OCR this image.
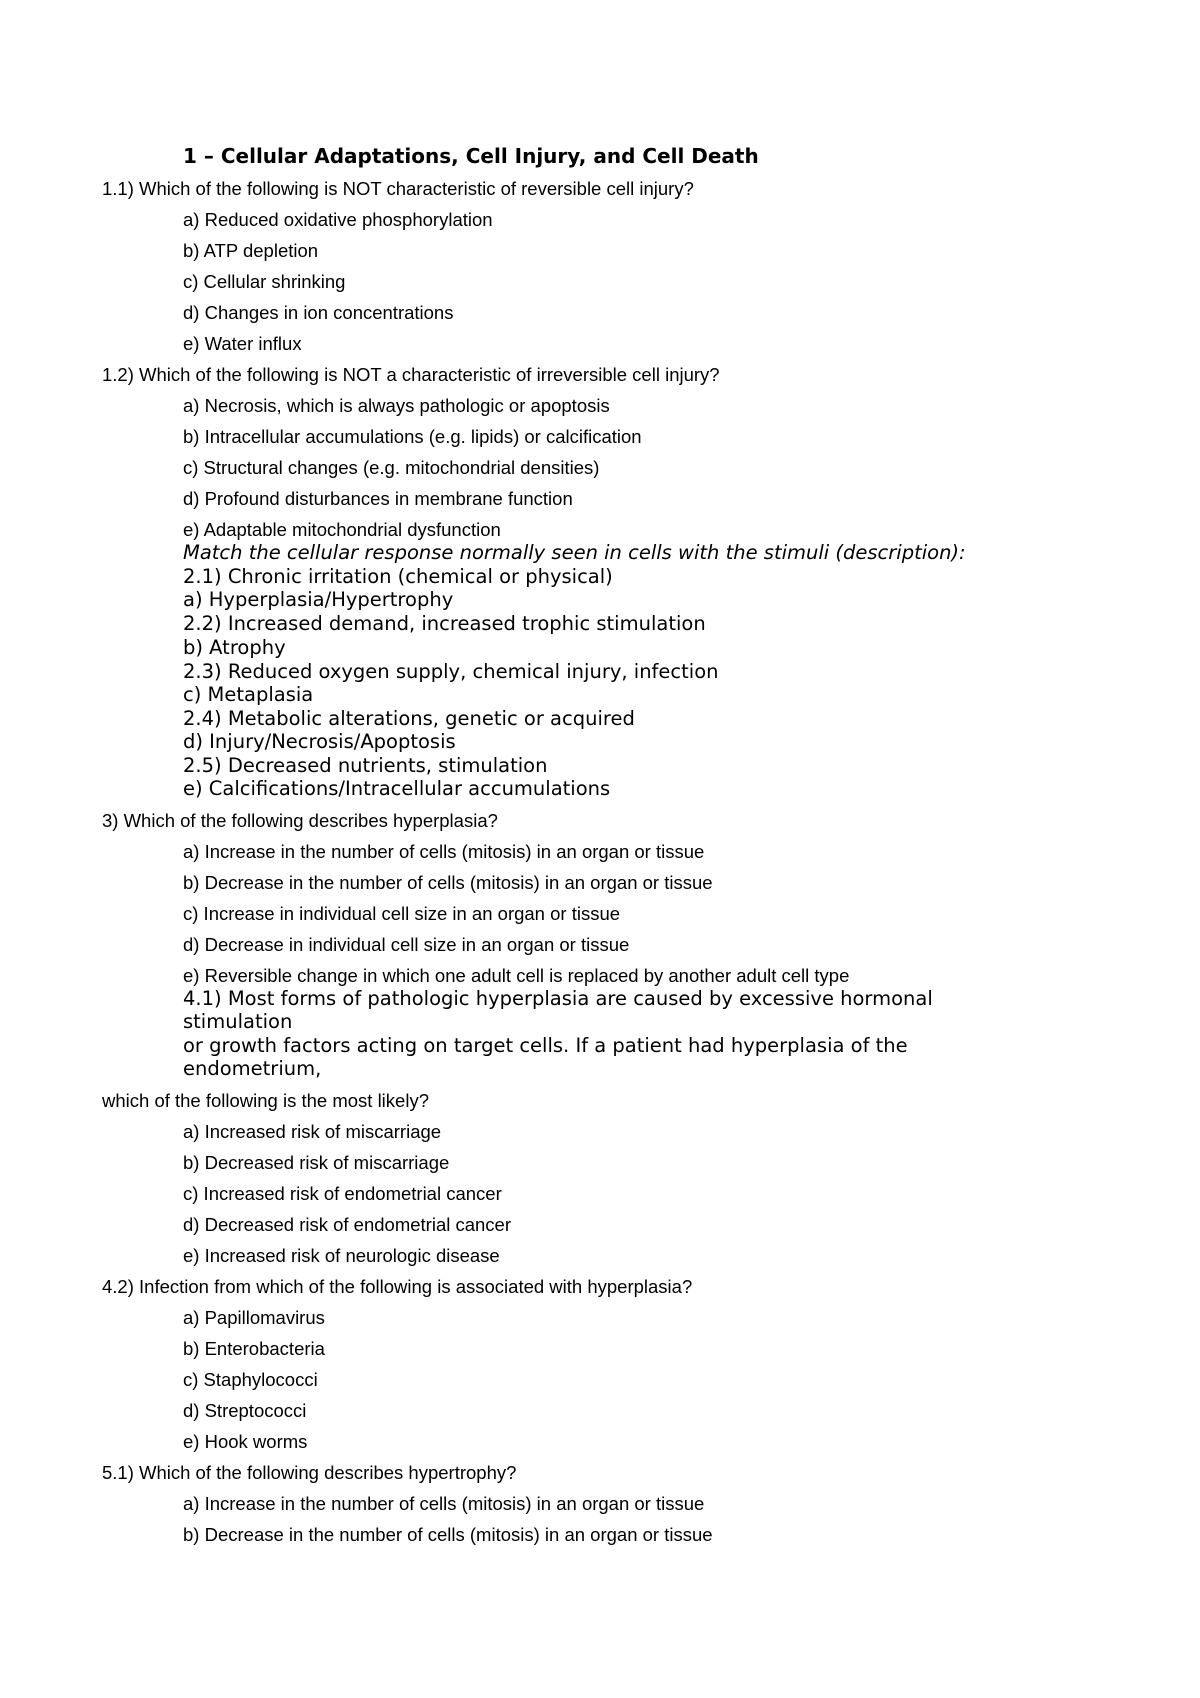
1 – Cellular Adaptations, Cell Injury, and Cell Death
1.1) Which of the following is NOT characteristic of reversible cell injury?
a) Reduced oxidative phosphorylation
b) ATP depletion
c) Cellular shrinking
d) Changes in ion concentrations
e) Water influx
1.2) Which of the following is NOT a characteristic of irreversible cell injury?
a) Necrosis, which is always pathologic or apoptosis
b) Intracellular accumulations (e.g. lipids) or calcification
c) Structural changes (e.g. mitochondrial densities)
d) Profound disturbances in membrane function
e) Adaptable mitochondrial dysfunction
Match the cellular response normally seen in cells with the stimuli (description):
2.1) Chronic irritation (chemical or physical)
a) Hyperplasia/Hypertrophy
2.2) Increased demand, increased trophic stimulation
b) Atrophy
2.3) Reduced oxygen supply, chemical injury, infection
c) Metaplasia
2.4) Metabolic alterations, genetic or acquired
d) Injury/Necrosis/Apoptosis
2.5) Decreased nutrients, stimulation
e) Calcifications/Intracellular accumulations
3) Which of the following describes hyperplasia?
a) Increase in the number of cells (mitosis) in an organ or tissue
b) Decrease in the number of cells (mitosis) in an organ or tissue
c) Increase in individual cell size in an organ or tissue
d) Decrease in individual cell size in an organ or tissue
e) Reversible change in which one adult cell is replaced by another adult cell type
4.1) Most forms of pathologic hyperplasia are caused by excessive hormonal
stimulation
or growth factors acting on target cells. If a patient had hyperplasia of the
endometrium,
which of the following is the most likely?
a) Increased risk of miscarriage
b) Decreased risk of miscarriage
c) Increased risk of endometrial cancer
d) Decreased risk of endometrial cancer
e) Increased risk of neurologic disease
4.2) Infection from which of the following is associated with hyperplasia?
a) Papillomavirus
b) Enterobacteria
c) Staphylococci
d) Streptococci
e) Hook worms
5.1) Which of the following describes hypertrophy?
a) Increase in the number of cells (mitosis) in an organ or tissue
b) Decrease in the number of cells (mitosis) in an organ or tissue
